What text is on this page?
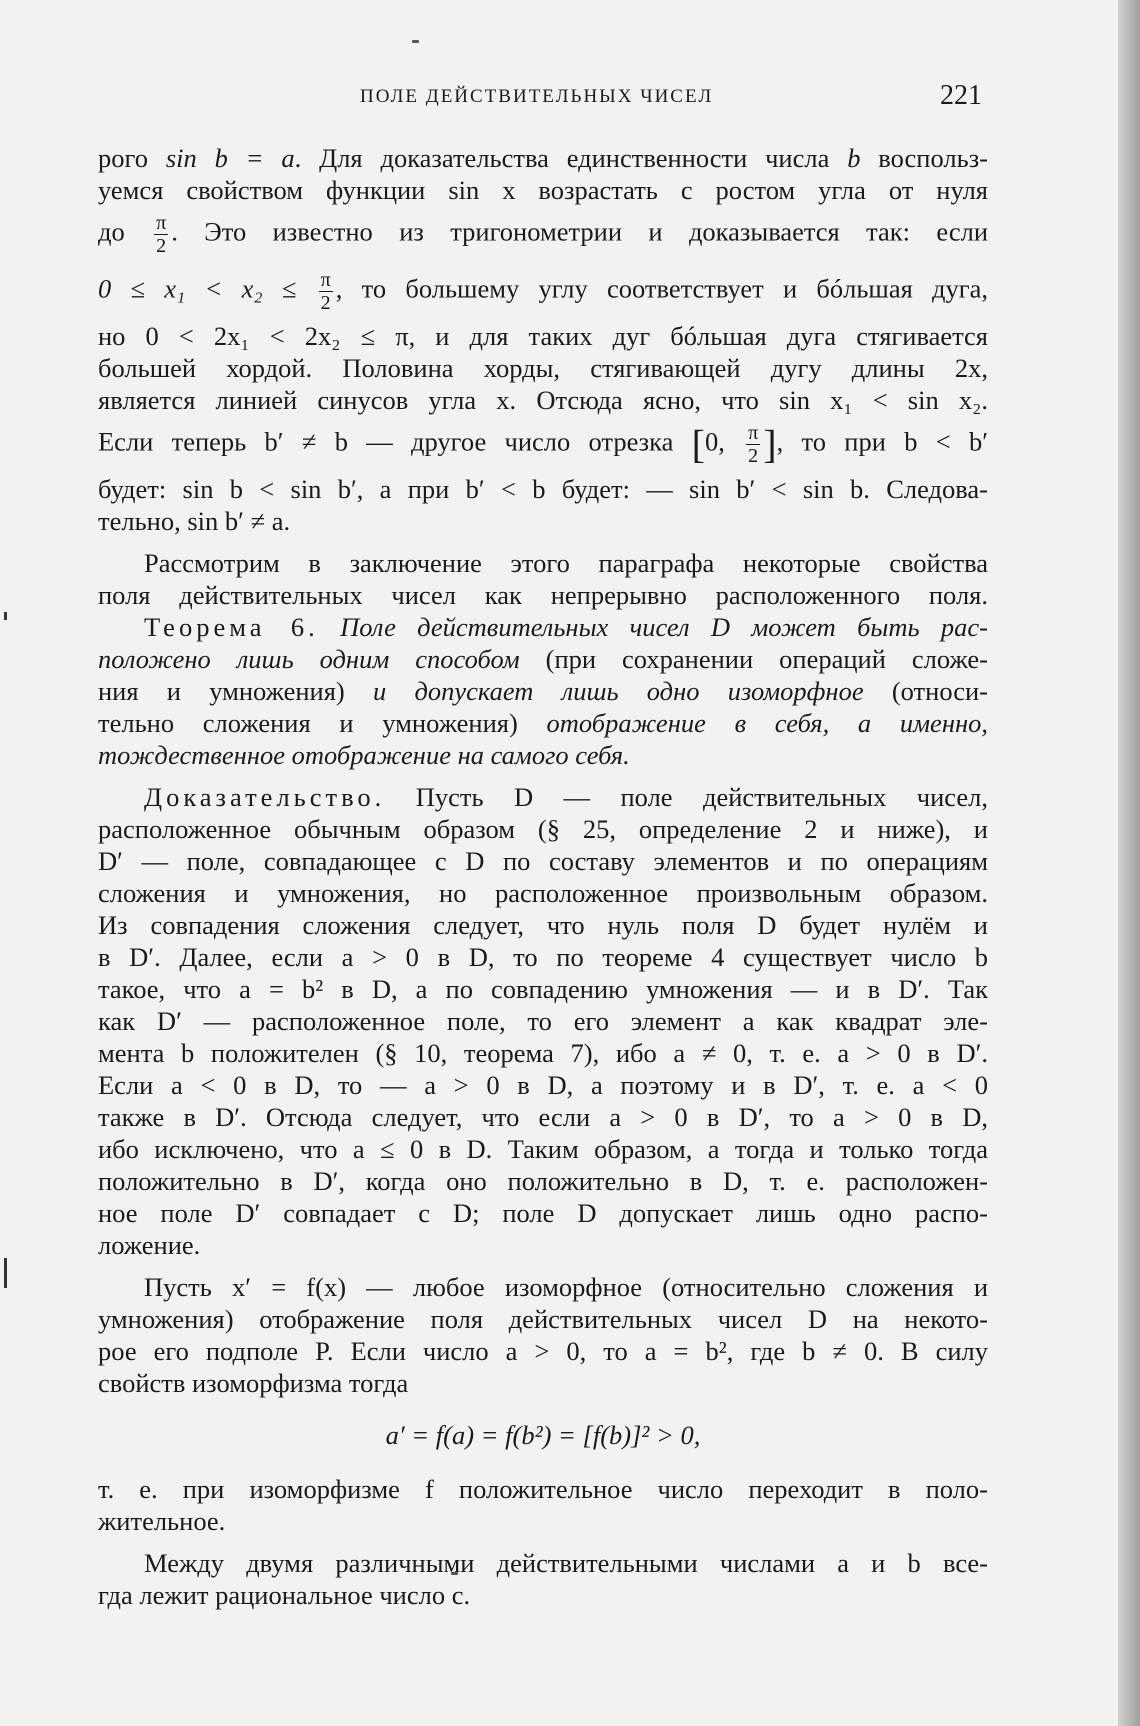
ПОЛЕ ДЕЙСТВИТЕЛЬНЫХ ЧИСЕЛ	221
рого sin b = a. Для доказательства единственности числа b воспольз-
уемся свойством функции sin x возрастать с ростом угла от нуля
до $\frac{\pi}{2}$ . Это известно из тригонометрии и доказывается так: если
$0 \le x_1 < x_2 \le \frac{\pi}{2}$ , то большему углу соответствует и бóльшая дуга,
но 0 < 2x₁ < 2x₂ ≤ π, и для таких дуг бóльшая дуга стягивается
большей хордой. Половина хорды, стягивающей дугу длины 2x,
является линией синусов угла x. Отсюда ясно, что sin x₁ < sin x₂.
Если теперь b′ ≠ b — другое число отрезка [0, $\frac{\pi}{2}$ ], то при b < b′
будет: sin b < sin b′, а при b′ < b будет: — sin b′ < sin b. Следова-
тельно, sin b′ ≠ a.
Рассмотрим в заключение этого параграфа некоторые свойства
поля действительных чисел как непрерывно расположенного поля.
Теорема 6. Поле действительных чисел D может быть рас-
положено лишь одним способом (при сохранении операций сложе-
ния и умножения) и допускает лишь одно изоморфное (относи-
тельно сложения и умножения) отображение в себя, а именно,
тождественное отображение на самого себя.
Доказательство. Пусть D — поле действительных чисел,
расположенное обычным образом (§ 25, определение 2 и ниже), и
D′ — поле, совпадающее с D по составу элементов и по операциям
сложения и умножения, но расположенное произвольным образом.
Из совпадения сложения следует, что нуль поля D будет нулём и
в D′. Далее, если a > 0 в D, то по теореме 4 существует число b
такое, что a = b² в D, а по совпадению умножения — и в D′. Так
как D′ — расположенное поле, то его элемент a как квадрат эле-
мента b положителен (§ 10, теорема 7), ибо a ≠ 0, т. е. a > 0 в D′.
Если a < 0 в D, то — a > 0 в D, а поэтому и в D′, т. е. a < 0
также в D′. Отсюда следует, что если a > 0 в D′, то a > 0 в D,
ибо исключено, что a ≤ 0 в D. Таким образом, a тогда и только тогда
положительно в D′, когда оно положительно в D, т. е. расположен-
ное поле D′ совпадает с D; поле D допускает лишь одно распо-
ложение.
Пусть x′ = f(x) — любое изоморфное (относительно сложения и
умножения) отображение поля действительных чисел D на некото-
рое его подполе P. Если число a > 0, то a = b², где b ≠ 0. В силу
свойств изоморфизма тогда
a′ = f(a) = f(b²) = [f(b)]² > 0,
т. е. при изоморфизме f положительное число переходит в поло-
жительное.
Между двумя различными действительными числами a и b все-
гда лежит рациональное число c.
